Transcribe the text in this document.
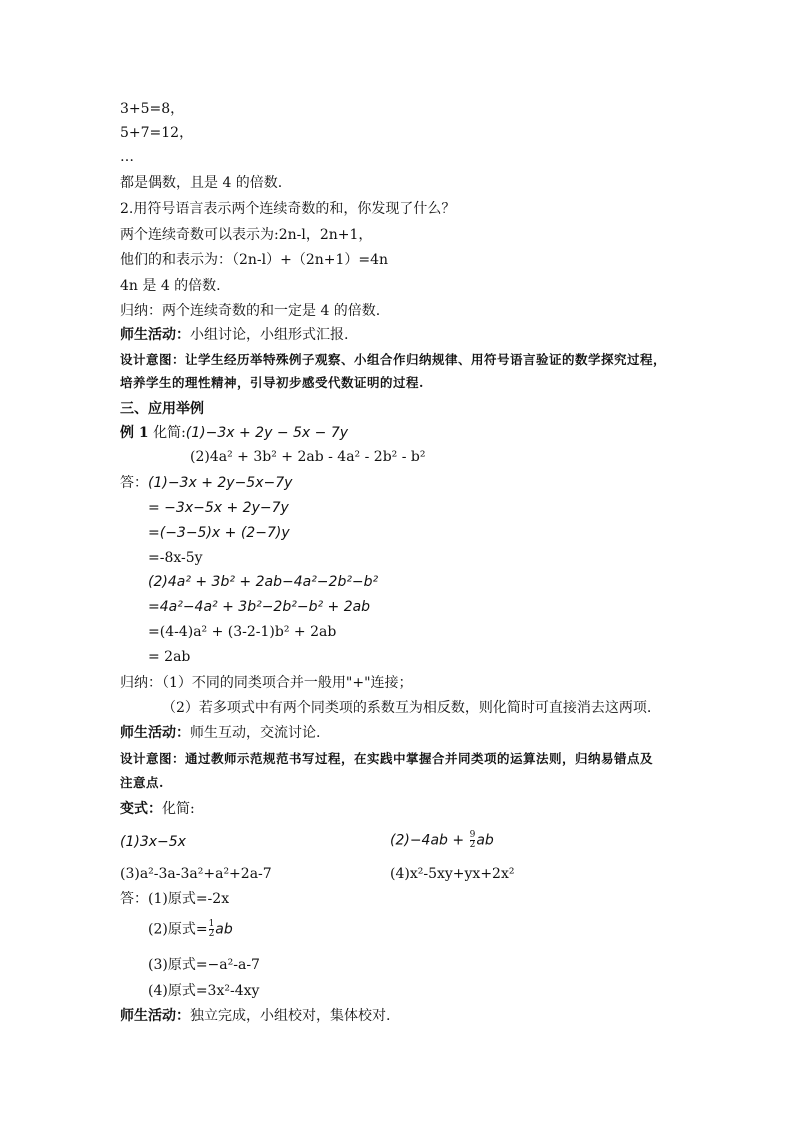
3+5=8，
5+7=12，
…
都是偶数，且是 4 的倍数.
2.用符号语言表示两个连续奇数的和，你发现了什么？
两个连续奇数可以表示为:2n-l，2n+1，
他们的和表示为：（2n-l）+（2n+1）=4n
4n 是 4 的倍数.
归纳：两个连续奇数的和一定是 4 的倍数.
师生活动：小组讨论，小组形式汇报.
设计意图：让学生经历举特殊例子观察、小组合作归纳规律、用符号语言验证的数学探究过程，
培养学生的理性精神，引导初步感受代数证明的过程.
三、应用举例
例 1 化简:(1)−3x + 2y − 5x − 7y
(2)4a² + 3b² + 2ab - 4a² - 2b² - b²
答：(1)−3x + 2y−5x−7y
= −3x−5x + 2y−7y
=(−3−5)x + (2−7)y
=-8x-5y
(2)4a² + 3b² + 2ab−4a²−2b²−b²
=4a²−4a² + 3b²−2b²−b² + 2ab
=(4-4)a² + (3-2-1)b² + 2ab
= 2ab
归纳：（1）不同的同类项合并一般用"+"连接；
（2）若多项式中有两个同类项的系数互为相反数，则化简时可直接消去这两项.
师生活动：师生互动，交流讨论.
设计意图：通过教师示范规范书写过程，在实践中掌握合并同类项的运算法则，归纳易错点及
注意点.
变式：化简:
(1)3x−5x	$(2)-4ab + \frac{9}{2}$ ab
(3)a²-3a-3a²+a²+2a-7	(4)x²-5xy+yx+2x²
答：(1)原式=-2x
(2)原式= $\frac{1}{2}$ ab
(3)原式=−a²-a-7
(4)原式=3x²-4xy
师生活动：独立完成，小组校对，集体校对.
